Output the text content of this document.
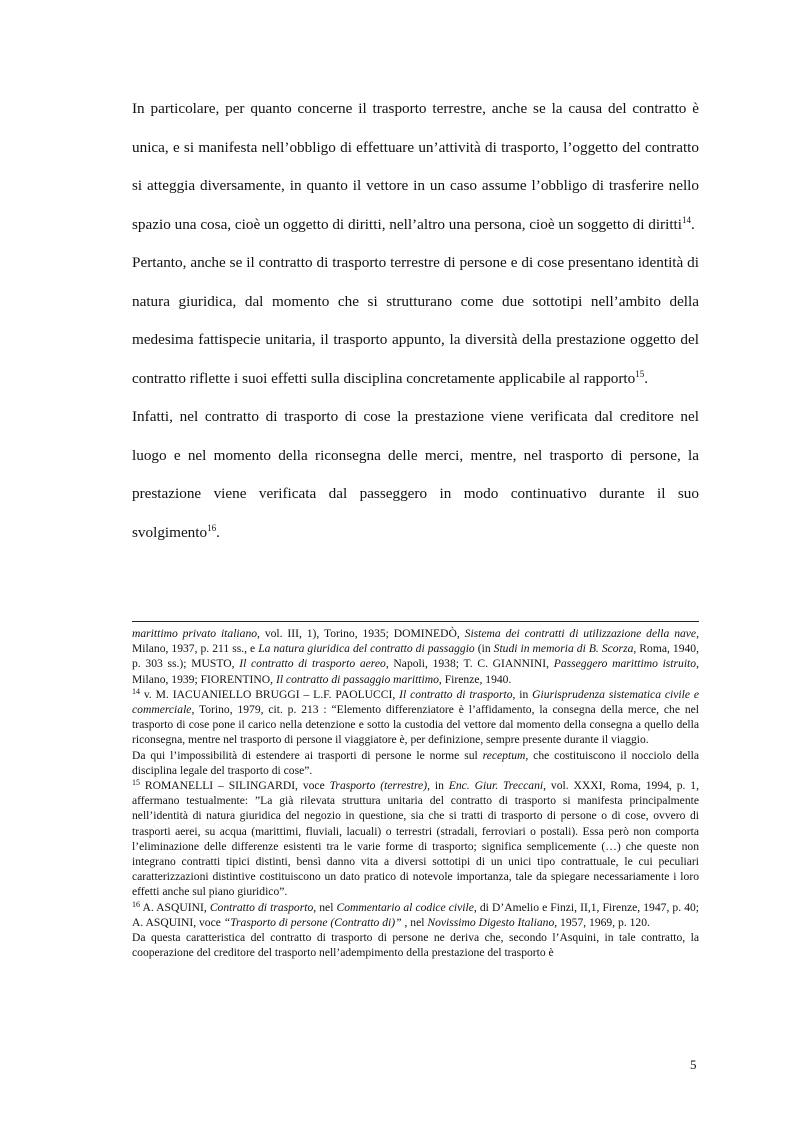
In particolare, per quanto concerne il trasporto terrestre, anche se la causa del contratto è unica, e si manifesta nell’obbligo di effettuare un’attività di trasporto, l’oggetto del contratto si atteggia diversamente, in quanto il vettore in un caso assume l’obbligo di trasferire nello spazio una cosa, cioè un oggetto di diritti, nell’altro una persona, cioè un soggetto di diritti$^{14}$.

Pertanto, anche se il contratto di trasporto terrestre di persone e di cose presentano identità di natura giuridica, dal momento che si strutturano come due sottotipi nell’ambito della medesima fattispecie unitaria, il trasporto appunto, la diversità della prestazione oggetto del contratto riflette i suoi effetti sulla disciplina concretamente applicabile al rapporto$^{15}$.

Infatti, nel contratto di trasporto di cose la prestazione viene verificata dal creditore nel luogo e nel momento della riconsegna delle merci, mentre, nel trasporto di persone, la prestazione viene verificata dal passeggero in modo continuativo durante il suo svolgimento$^{16}$.

marittimo privato italiano, vol. III, 1), Torino, 1935; DOMINEDÒ, Sistema dei contratti di utilizzazione della nave, Milano, 1937, p. 211 ss., e La natura giuridica del contratto di passaggio (in Studi in memoria di B. Scorza, Roma, 1940, p. 303 ss.); MUSTO, Il contratto di trasporto aereo, Napoli, 1938; T. C. GIANNINI, Passeggero marittimo istruito, Milano, 1939; FIORENTINO, Il contratto di passaggio marittimo, Firenze, 1940.

$^{14}$ v. M. IACUANIELLO BRUGGI – L.F. PAOLUCCI, Il contratto di trasporto, in Giurisprudenza sistematica civile e commerciale, Torino, 1979, cit. p. 213 : “Elemento differenziatore è l’affidamento, la consegna della merce, che nel trasporto di cose pone il carico nella detenzione e sotto la custodia del vettore dal momento della consegna a quello della riconsegna, mentre nel trasporto di persone il viaggiatore è, per definizione, sempre presente durante il viaggio.

Da qui l’impossibilità di estendere ai trasporti di persone le norme sul receptum, che costituiscono il nocciolo della disciplina legale del trasporto di cose”.

$^{15}$ ROMANELLI – SILINGARDI, voce Trasporto (terrestre), in Enc. Giur. Treccani, vol. XXXI, Roma, 1994, p. 1, affermano testualmente: ”La già rilevata struttura unitaria del contratto di trasporto si manifesta principalmente nell’identità di natura giuridica del negozio in questione, sia che si tratti di trasporto di persone o di cose, ovvero di trasporti aerei, su acqua (marittimi, fluviali, lacuali) o terrestri (stradali, ferroviari o postali). Essa però non comporta l’eliminazione delle differenze esistenti tra le varie forme di trasporto; significa semplicemente (…) che queste non integrano contratti tipici distinti, bensì danno vita a diversi sottotipi di un unici tipo contrattuale, le cui peculiari caratterizzazioni distintive costituiscono un dato pratico di notevole importanza, tale da spiegare necessariamente i loro effetti anche sul piano giuridico”.

$^{16}$ A. ASQUINI, Contratto di trasporto, nel Commentario al codice civile, di D’Amelio e Finzi, II,1, Firenze, 1947, p. 40; A. ASQUINI, voce “Trasporto di persone (Contratto di)” , nel Novissimo Digesto Italiano, 1957, 1969, p. 120.

Da questa caratteristica del contratto di trasporto di persone ne deriva che, secondo l’Asquini, in tale contratto, la cooperazione del creditore del trasporto nell’adempimento della prestazione del trasporto è

5
